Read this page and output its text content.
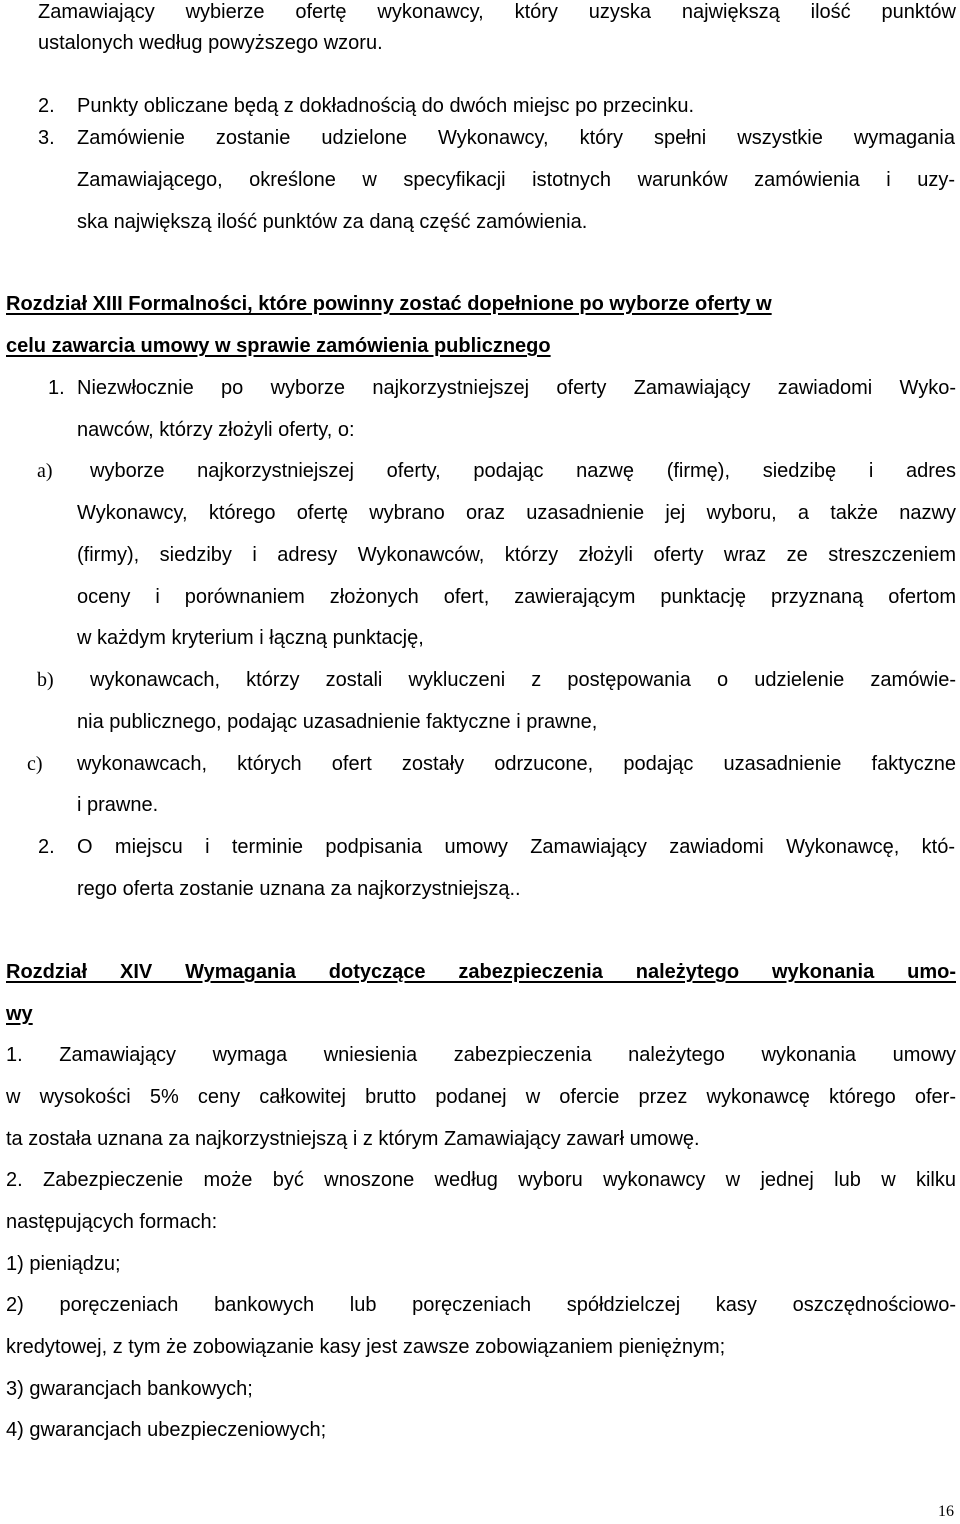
Zamawiający wybierze ofertę wykonawcy, który uzyska największą ilość punktów
ustalonych według powyższego wzoru.
2. Punkty obliczane będą z dokładnością do dwóch miejsc po przecinku.
3. Zamówienie zostanie udzielone Wykonawcy, który spełni wszystkie wymagania
Zamawiającego, określone w specyfikacji istotnych warunków zamówienia i uzy-
ska największą ilość punktów za daną część zamówienia.
Rozdział XIII Formalności, które powinny zostać dopełnione po wyborze oferty w
celu zawarcia umowy w sprawie zamówienia publicznego
1. Niezwłocznie po wyborze najkorzystniejszej oferty Zamawiający zawiadomi Wyko-
nawców, którzy złożyli oferty, o:
a) wyborze najkorzystniejszej oferty, podając nazwę (firmę), siedzibę i adres
Wykonawcy, którego ofertę wybrano oraz uzasadnienie jej wyboru, a także nazwy
(firmy), siedziby i adresy Wykonawców, którzy złożyli oferty wraz ze streszczeniem
oceny i porównaniem złożonych ofert, zawierającym punktację przyznaną ofertom
w każdym kryterium i łączną punktację,
b) wykonawcach, którzy zostali wykluczeni z postępowania o udzielenie zamówie-
nia publicznego, podając uzasadnienie faktyczne i prawne,
c) wykonawcach, których ofert zostały odrzucone, podając uzasadnienie faktyczne
i prawne.
2. O miejscu i terminie podpisania umowy Zamawiający zawiadomi Wykonawcę, któ-
rego oferta zostanie uznana za najkorzystniejszą..
Rozdział XIV Wymagania dotyczące zabezpieczenia należytego wykonania umo-
wy
1. Zamawiający wymaga wniesienia zabezpieczenia należytego wykonania umowy
w wysokości 5% ceny całkowitej brutto podanej w ofercie przez wykonawcę którego ofer-
ta została uznana za najkorzystniejszą i z którym Zamawiający zawarł umowę.
2. Zabezpieczenie może być wnoszone według wyboru wykonawcy w jednej lub w kilku
następujących formach:
1) pieniądzu;
2) poręczeniach bankowych lub poręczeniach spółdzielczej kasy oszczędnościowo-
kredytowej, z tym że zobowiązanie kasy jest zawsze zobowiązaniem pieniężnym;
3) gwarancjach bankowych;
4) gwarancjach ubezpieczeniowych;
16
